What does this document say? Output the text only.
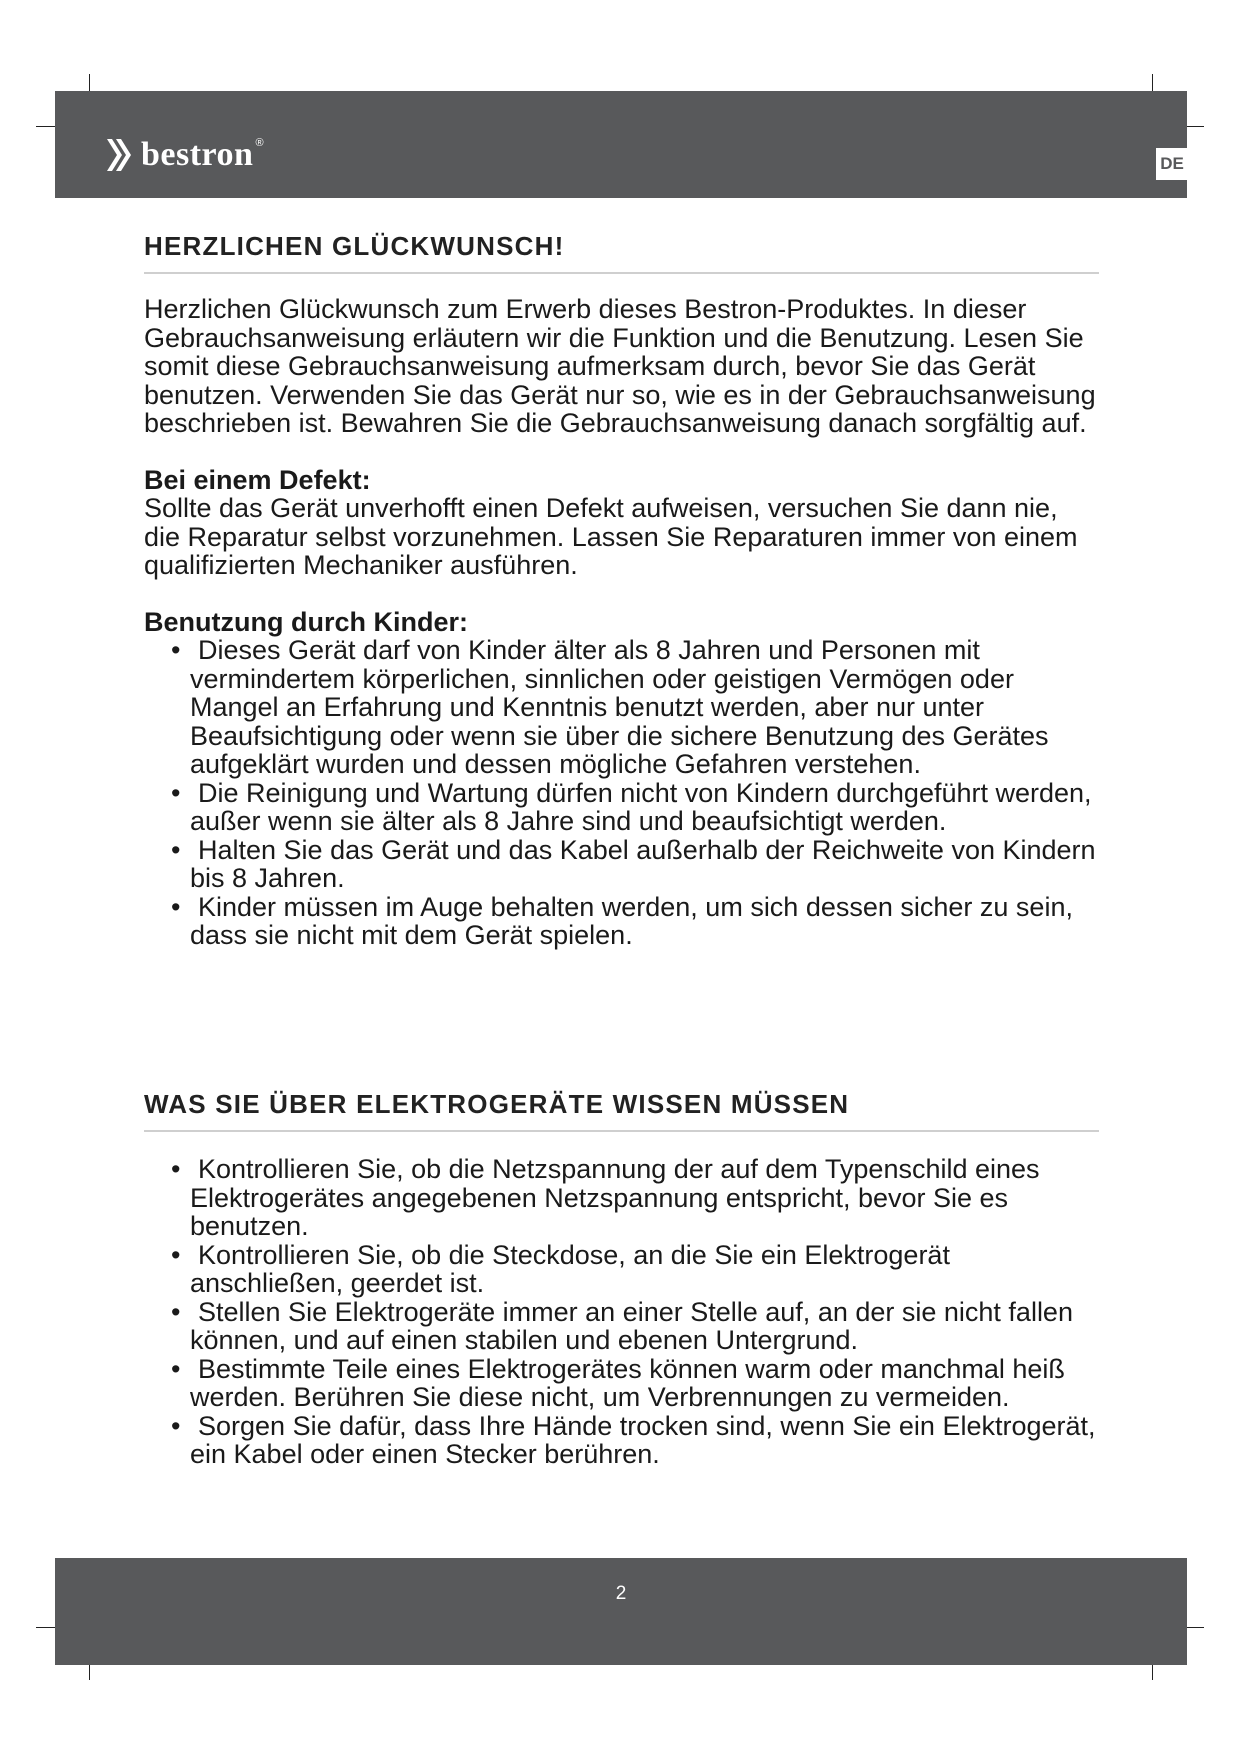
bestron ®
DE
HERZLICHEN GLÜCKWUNSCH!

Herzlichen Glückwunsch zum Erwerb dieses Bestron-Produktes. In dieser Gebrauchsanweisung erläutern wir die Funktion und die Benutzung. Lesen Sie somit diese Gebrauchsanweisung aufmerksam durch, bevor Sie das Gerät benutzen. Verwenden Sie das Gerät nur so, wie es in der Gebrauchsanweisung beschrieben ist. Bewahren Sie die Gebrauchsanweisung danach sorgfältig auf.

Bei einem Defekt:

Sollte das Gerät unverhofft einen Defekt aufweisen, versuchen Sie dann nie, die Reparatur selbst vorzunehmen. Lassen Sie Reparaturen immer von einem qualifizierten Mechaniker ausführen.

Benutzung durch Kinder:

• Dieses Gerät darf von Kinder älter als 8 Jahren und Personen mit vermindertem körperlichen, sinnlichen oder geistigen Vermögen oder Mangel an Erfahrung und Kenntnis benutzt werden, aber nur unter Beaufsichtigung oder wenn sie über die sichere Benutzung des Gerätes aufgeklärt wurden und dessen mögliche Gefahren verstehen.
• Die Reinigung und Wartung dürfen nicht von Kindern durchgeführt werden, außer wenn sie älter als 8 Jahre sind und beaufsichtigt werden.
• Halten Sie das Gerät und das Kabel außerhalb der Reichweite von Kindern bis 8 Jahren.
• Kinder müssen im Auge behalten werden, um sich dessen sicher zu sein, dass sie nicht mit dem Gerät spielen.
WAS SIE ÜBER ELEKTROGERÄTE WISSEN MÜSSEN
• Kontrollieren Sie, ob die Netzspannung der auf dem Typenschild eines Elektrogerätes angegebenen Netzspannung entspricht, bevor Sie es benutzen.
• Kontrollieren Sie, ob die Steckdose, an die Sie ein Elektrogerät anschließen, geerdet ist.
• Stellen Sie Elektrogeräte immer an einer Stelle auf, an der sie nicht fallen können, und auf einen stabilen und ebenen Untergrund.
• Bestimmte Teile eines Elektrogerätes können warm oder manchmal heiß werden. Berühren Sie diese nicht, um Verbrennungen zu vermeiden.
• Sorgen Sie dafür, dass Ihre Hände trocken sind, wenn Sie ein Elektrogerät, ein Kabel oder einen Stecker berühren.
2
